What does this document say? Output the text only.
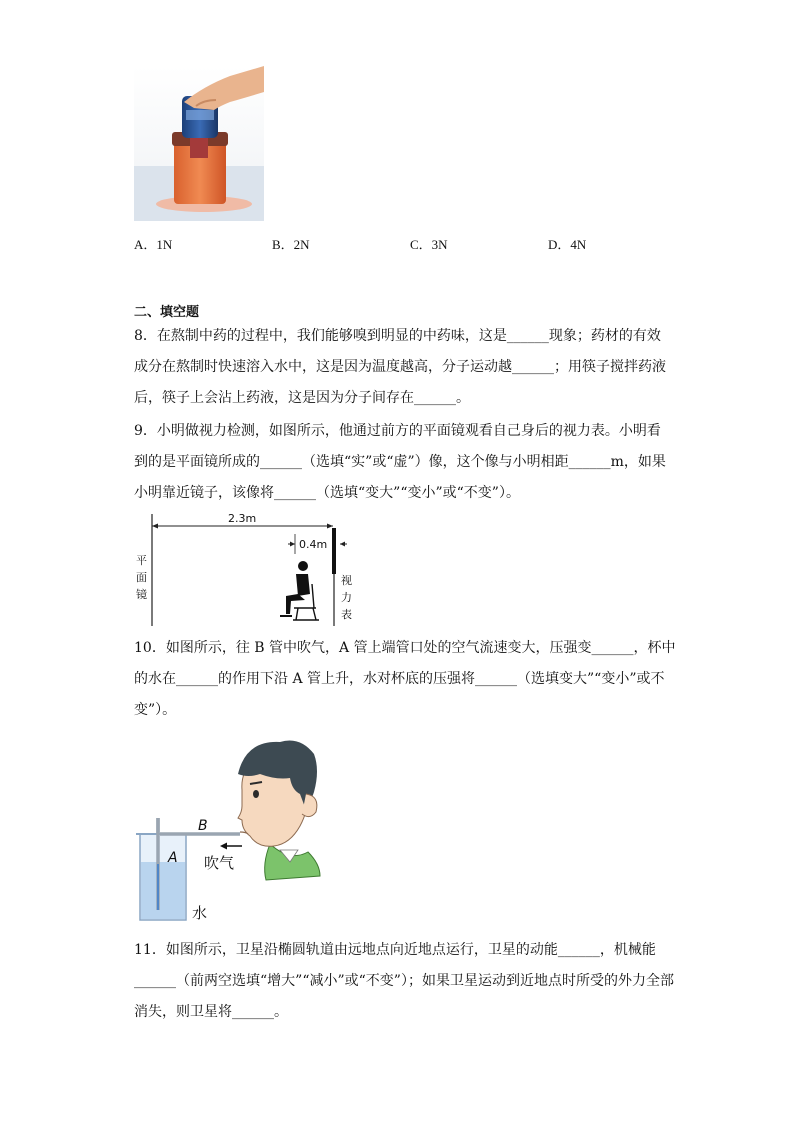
A．1N	B．2N	C．3N	D．4N
二、填空题
8．在熬制中药的过程中，我们能够嗅到明显的中药味，这是______现象；药材的有效
成分在熬制时快速溶入水中，这是因为温度越高，分子运动越______；用筷子搅拌药液
后，筷子上会沾上药液，这是因为分子间存在______。
9．小明做视力检测，如图所示，他通过前方的平面镜观看自己身后的视力表。小明看
到的是平面镜所成的______（选填“实”或“虚”）像，这个像与小明相距______m，如果
小明靠近镜子，该像将______（选填“变大”“变小”或“不变”）。
2.3m
0.4m
平
面
镜
视
力
表
10．如图所示，往 B 管中吹气，A 管上端管口处的空气流速变大，压强变______，杯中
的水在______的作用下沿 A 管上升，水对杯底的压强将______（选填变大”“变小”或不
变”）。
B
A 吹气
水
11．如图所示，卫星沿椭圆轨道由远地点向近地点运行，卫星的动能______，机械能
______（前两空选填“增大”“减小”或“不变”）；如果卫星运动到近地点时所受的外力全部
消失，则卫星将______。
